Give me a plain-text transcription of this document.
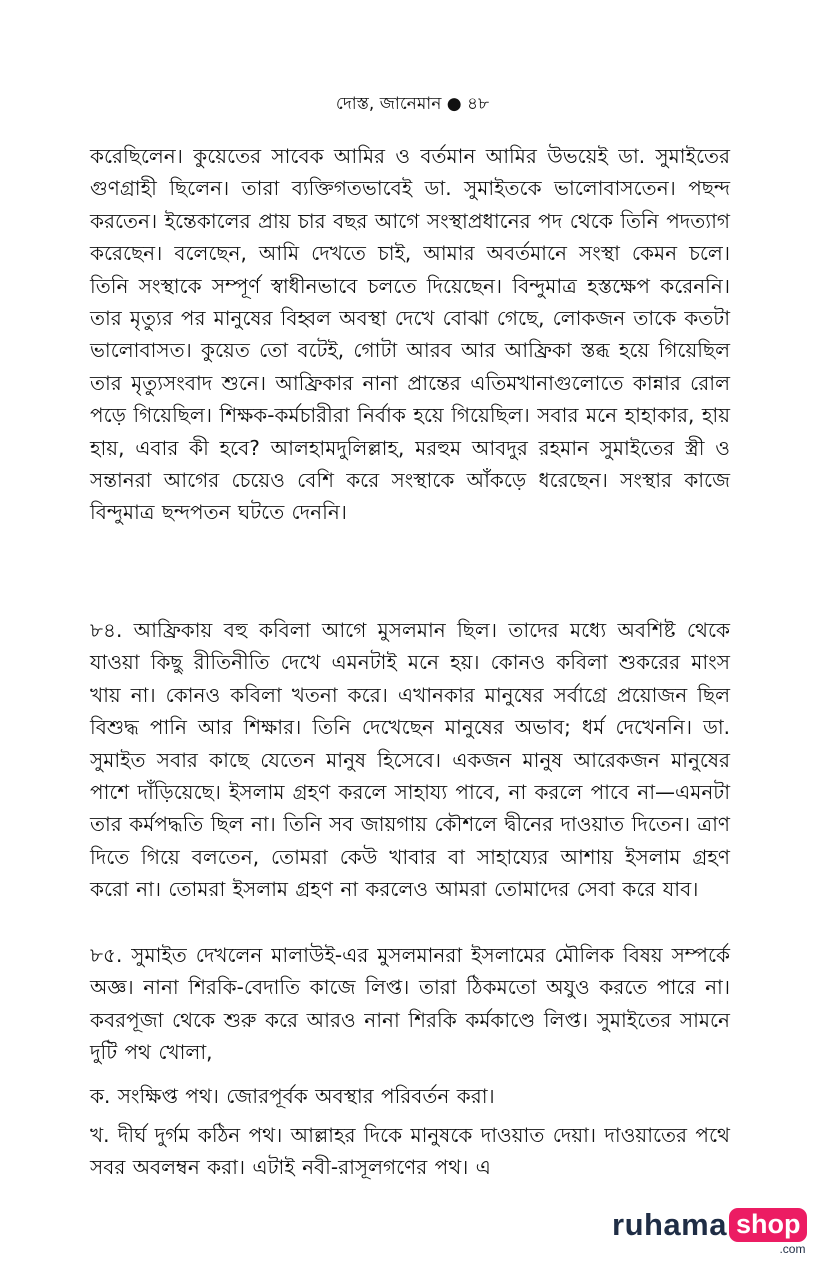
দোস্ত, জানেমান ● ৪৮

করেছিলেন। কুয়েতের সাবেক আমির ও বর্তমান আমির উভয়েই ডা. সুমাইতের গুণগ্রাহী ছিলেন। তারা ব্যক্তিগতভাবেই ডা. সুমাইতকে ভালোবাসতেন। পছন্দ করতেন। ইন্তেকালের প্রায় চার বছর আগে সংস্থাপ্রধানের পদ থেকে তিনি পদত্যাগ করেছেন। বলেছেন, আমি দেখতে চাই, আমার অবর্তমানে সংস্থা কেমন চলে। তিনি সংস্থাকে সম্পূর্ণ স্বাধীনভাবে চলতে দিয়েছেন। বিন্দুমাত্র হস্তক্ষেপ করেননি। তার মৃত্যুর পর মানুষের বিহ্বল অবস্থা দেখে বোঝা গেছে, লোকজন তাকে কতটা ভালোবাসত। কুয়েত তো বটেই, গোটা আরব আর আফ্রিকা স্তব্ধ হয়ে গিয়েছিল তার মৃত্যুসংবাদ শুনে। আফ্রিকার নানা প্রান্তের এতিমখানাগুলোতে কান্নার রোল পড়ে গিয়েছিল। শিক্ষক-কর্মচারীরা নির্বাক হয়ে গিয়েছিল। সবার মনে হাহাকার, হায় হায়, এবার কী হবে? আলহামদুলিল্লাহ, মরহুম আবদুর রহমান সুমাইতের স্ত্রী ও সন্তানরা আগের চেয়েও বেশি করে সংস্থাকে আঁকড়ে ধরেছেন। সংস্থার কাজে বিন্দুমাত্র ছন্দপতন ঘটতে দেননি।

৮৪. আফ্রিকায় বহু কবিলা আগে মুসলমান ছিল। তাদের মধ্যে অবশিষ্ট থেকে যাওয়া কিছু রীতিনীতি দেখে এমনটাই মনে হয়। কোনও কবিলা শুকরের মাংস খায় না। কোনও কবিলা খতনা করে। এখানকার মানুষের সর্বাগ্রে প্রয়োজন ছিল বিশুদ্ধ পানি আর শিক্ষার। তিনি দেখেছেন মানুষের অভাব; ধর্ম দেখেননি। ডা. সুমাইত সবার কাছে যেতেন মানুষ হিসেবে। একজন মানুষ আরেকজন মানুষের পাশে দাঁড়িয়েছে। ইসলাম গ্রহণ করলে সাহায্য পাবে, না করলে পাবে না—এমনটা তার কর্মপদ্ধতি ছিল না। তিনি সব জায়গায় কৌশলে দ্বীনের দাওয়াত দিতেন। ত্রাণ দিতে গিয়ে বলতেন, তোমরা কেউ খাবার বা সাহায্যের আশায় ইসলাম গ্রহণ করো না। তোমরা ইসলাম গ্রহণ না করলেও আমরা তোমাদের সেবা করে যাব।

৮৫. সুমাইত দেখলেন মালাউই-এর মুসলমানরা ইসলামের মৌলিক বিষয় সম্পর্কে অজ্ঞ। নানা শিরকি-বেদাতি কাজে লিপ্ত। তারা ঠিকমতো অযুও করতে পারে না। কবরপূজা থেকে শুরু করে আরও নানা শিরকি কর্মকাণ্ডে লিপ্ত। সুমাইতের সামনে দুটি পথ খোলা,

ক. সংক্ষিপ্ত পথ। জোরপূর্বক অবস্থার পরিবর্তন করা।

খ. দীর্ঘ দুর্গম কঠিন পথ। আল্লাহর দিকে মানুষকে দাওয়াত দেয়া। দাওয়াতের পথে সবর অবলম্বন করা। এটাই নবী-রাসূলগণের পথ। এ

ruhama shop
.com
